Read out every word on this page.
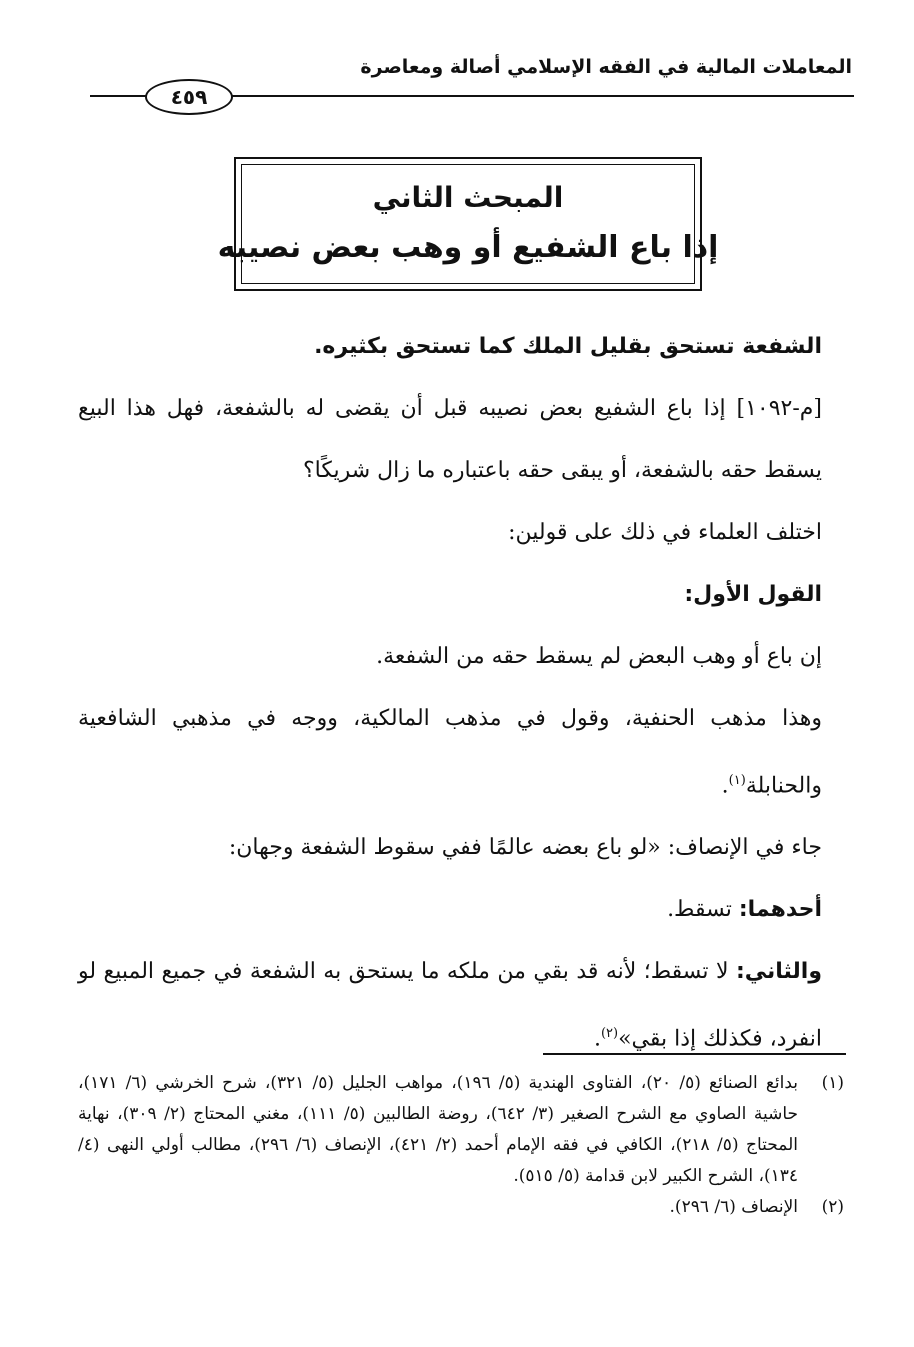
المعاملات المالية في الفقه الإسلامي أصالة ومعاصرة
٤٥٩
المبحث الثاني
إذا باع الشفيع أو وهب بعض نصيبه

الشفعة تستحق بقليل الملك كما تستحق بكثيره.

[م-١٠٩٢] إذا باع الشفيع بعض نصيبه قبل أن يقضى له بالشفعة، فهل هذا البيع يسقط حقه بالشفعة، أو يبقى حقه باعتباره ما زال شريكًا؟

اختلف العلماء في ذلك على قولين:

القول الأول:

إن باع أو وهب البعض لم يسقط حقه من الشفعة.

وهذا مذهب الحنفية، وقول في مذهب المالكية، ووجه في مذهبي الشافعية والحنابلة$^{(١)}$.

جاء في الإنصاف: «لو باع بعضه عالمًا ففي سقوط الشفعة وجهان:

أحدهما: تسقط.

والثاني: لا تسقط؛ لأنه قد بقي من ملكه ما يستحق به الشفعة في جميع المبيع لو انفرد، فكذلك إذا بقي»$^{(٢)}$.

(١)
بدائع الصنائع (٥/ ٢٠)، الفتاوى الهندية (٥/ ١٩٦)، مواهب الجليل (٥/ ٣٢١)، شرح الخرشي (٦/ ١٧١)، حاشية الصاوي مع الشرح الصغير (٣/ ٦٤٢)، روضة الطالبين (٥/ ١١١)، مغني المحتاج (٢/ ٣٠٩)، نهاية المحتاج (٥/ ٢١٨)، الكافي في فقه الإمام أحمد (٢/ ٤٢١)، الإنصاف (٦/ ٢٩٦)، مطالب أولي النهى (٤/ ١٣٤)، الشرح الكبير لابن قدامة (٥/ ٥١٥).

(٢)
الإنصاف (٦/ ٢٩٦).
